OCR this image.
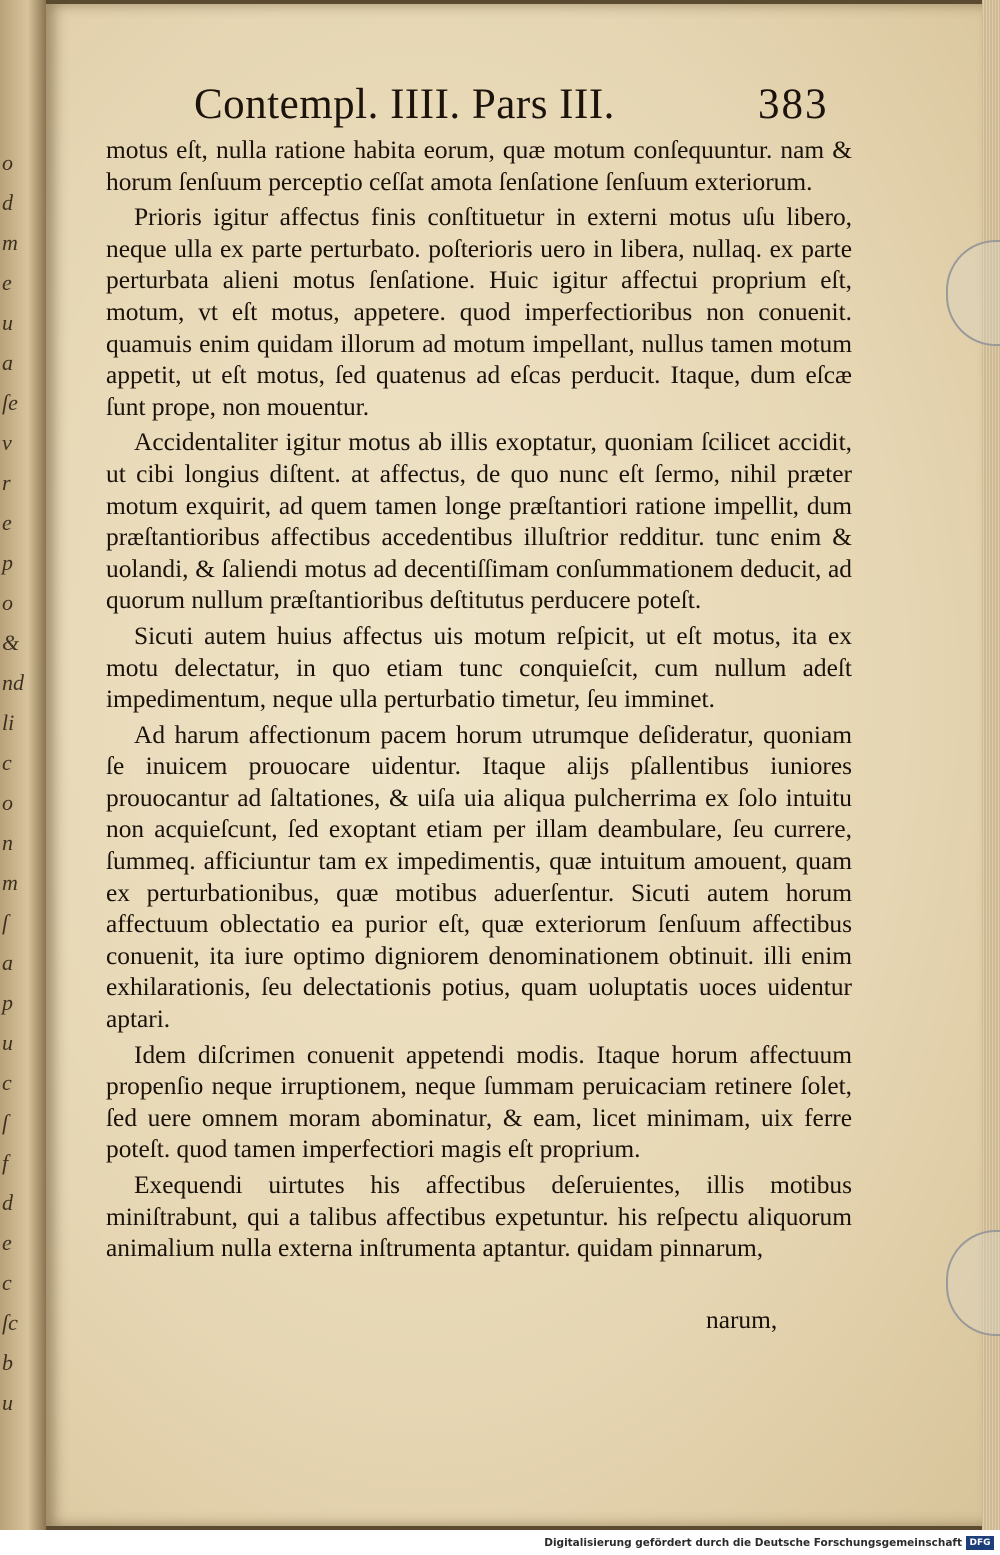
o
d
m
e
u
a
ſe
v
r
e
p
o
&
nd
li
c
o
n
m
ſ
a
p
u
c
ſ
f
d
e
c
ſc
b
u
Contempl. IIII. Pars III.	383

motus eſt, nulla ratione habita eorum, quæ motum conſequuntur. nam & horum ſenſuum perceptio ceſſat amota ſenſatione ſenſuum exteriorum.

Prioris igitur affectus finis conſtituetur in externi motus uſu libero, neque ulla ex parte perturbato. poſterioris uero in libera, nullaq. ex parte perturbata alieni motus ſenſatione. Huic igitur affectui proprium eſt, motum, vt eſt motus, appetere. quod imperfectioribus non conuenit. quamuis enim quidam illorum ad motum impellant, nullus tamen motum appetit, ut eſt motus, ſed quatenus ad eſcas perducit. Itaque, dum eſcæ ſunt prope, non mouentur.

Accidentaliter igitur motus ab illis exoptatur, quoniam ſcilicet accidit, ut cibi longius diſtent. at affectus, de quo nunc eſt ſermo, nihil præter motum exquirit, ad quem tamen longe præſtantiori ratione impellit, dum præſtantioribus affectibus accedentibus illuſtrior redditur. tunc enim & uolandi, & ſaliendi motus ad decentiſſimam conſummationem deducit, ad quorum nullum præſtantioribus deſtitutus perducere poteſt.

Sicuti autem huius affectus uis motum reſpicit, ut eſt motus, ita ex motu delectatur, in quo etiam tunc conquieſcit, cum nullum adeſt impedimentum, neque ulla perturbatio timetur, ſeu imminet.

Ad harum affectionum pacem horum utrumque deſideratur, quoniam ſe inuicem prouocare uidentur. Itaque alijs pſallentibus iuniores prouocantur ad ſaltationes, & uiſa uia aliqua pulcherrima ex ſolo intuitu non acquieſcunt, ſed exoptant etiam per illam deambulare, ſeu currere, ſummeq. afficiuntur tam ex impedimentis, quæ intuitum amouent, quam ex perturbationibus, quæ motibus aduerſentur. Sicuti autem horum affectuum oblectatio ea purior eſt, quæ exteriorum ſenſuum affectibus conuenit, ita iure optimo digniorem denominationem obtinuit. illi enim exhilarationis, ſeu delectationis potius, quam uoluptatis uoces uidentur aptari.

Idem diſcrimen conuenit appetendi modis. Itaque horum affectuum propenſio neque irruptionem, neque ſummam peruicaciam retinere ſolet, ſed uere omnem moram abominatur, & eam, licet minimam, uix ferre poteſt. quod tamen imperfectiori magis eſt proprium.

Exequendi uirtutes his affectibus deſeruientes, illis motibus miniſtrabunt, qui a talibus affectibus expetuntur. his reſpectu aliquorum animalium nulla externa inſtrumenta aptantur. quidam pinnarum,

narum,
Digitalisierung gefördert durch die Deutsche Forschungsgemeinschaft DFG
